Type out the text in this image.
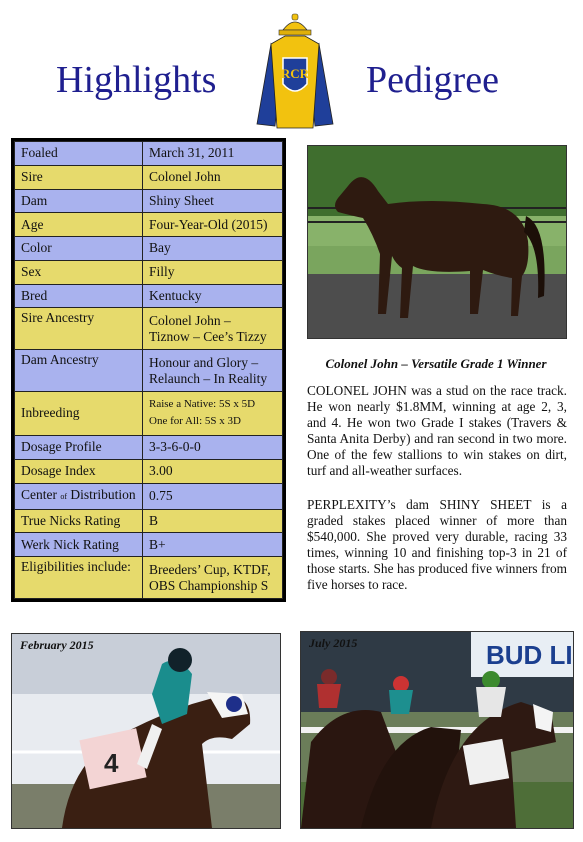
Highlights	Pedigree
RCR
Foaled	March 31, 2011
Sire	Colonel John
Dam	Shiny Sheet
Age	Four-Year-Old (2015)
Color	Bay
Sex	Filly
Bred	Kentucky
Sire Ancestry	Colonel John –
Tiznow – Cee’s Tizzy

Dam Ancestry	Honour and Glory –
Relaunch – In Reality

Inbreeding	Raise a Native: 5S x 5D
One for All: 5S x 3D

Dosage Profile	3-3-6-0-0
Dosage Index	3.00
Center of Distribution	0.75
True Nicks Rating	B
Werk Nick Rating	B+
Eligibilities include:	Breeders’ Cup, KTDF,
OBS Championship S
Colonel John – Versatile Grade 1 Winner
COLONEL JOHN was a stud on the race track. He won nearly $1.8MM, winning at age 2, 3, and 4. He won two Grade I stakes (Travers & Santa Anita Derby) and ran second in two more. One of the few stallions to win stakes on dirt, turf and all-weather surfaces.
PERPLEXITY’s dam SHINY SHEET is a graded stakes placed winner of more than $540,000. She proved very durable, racing 33 times, winning 10 and finishing top-3 in 21 of those starts. She has produced five winners from five horses to race.
4
February 2015	BUD LI
July 2015
